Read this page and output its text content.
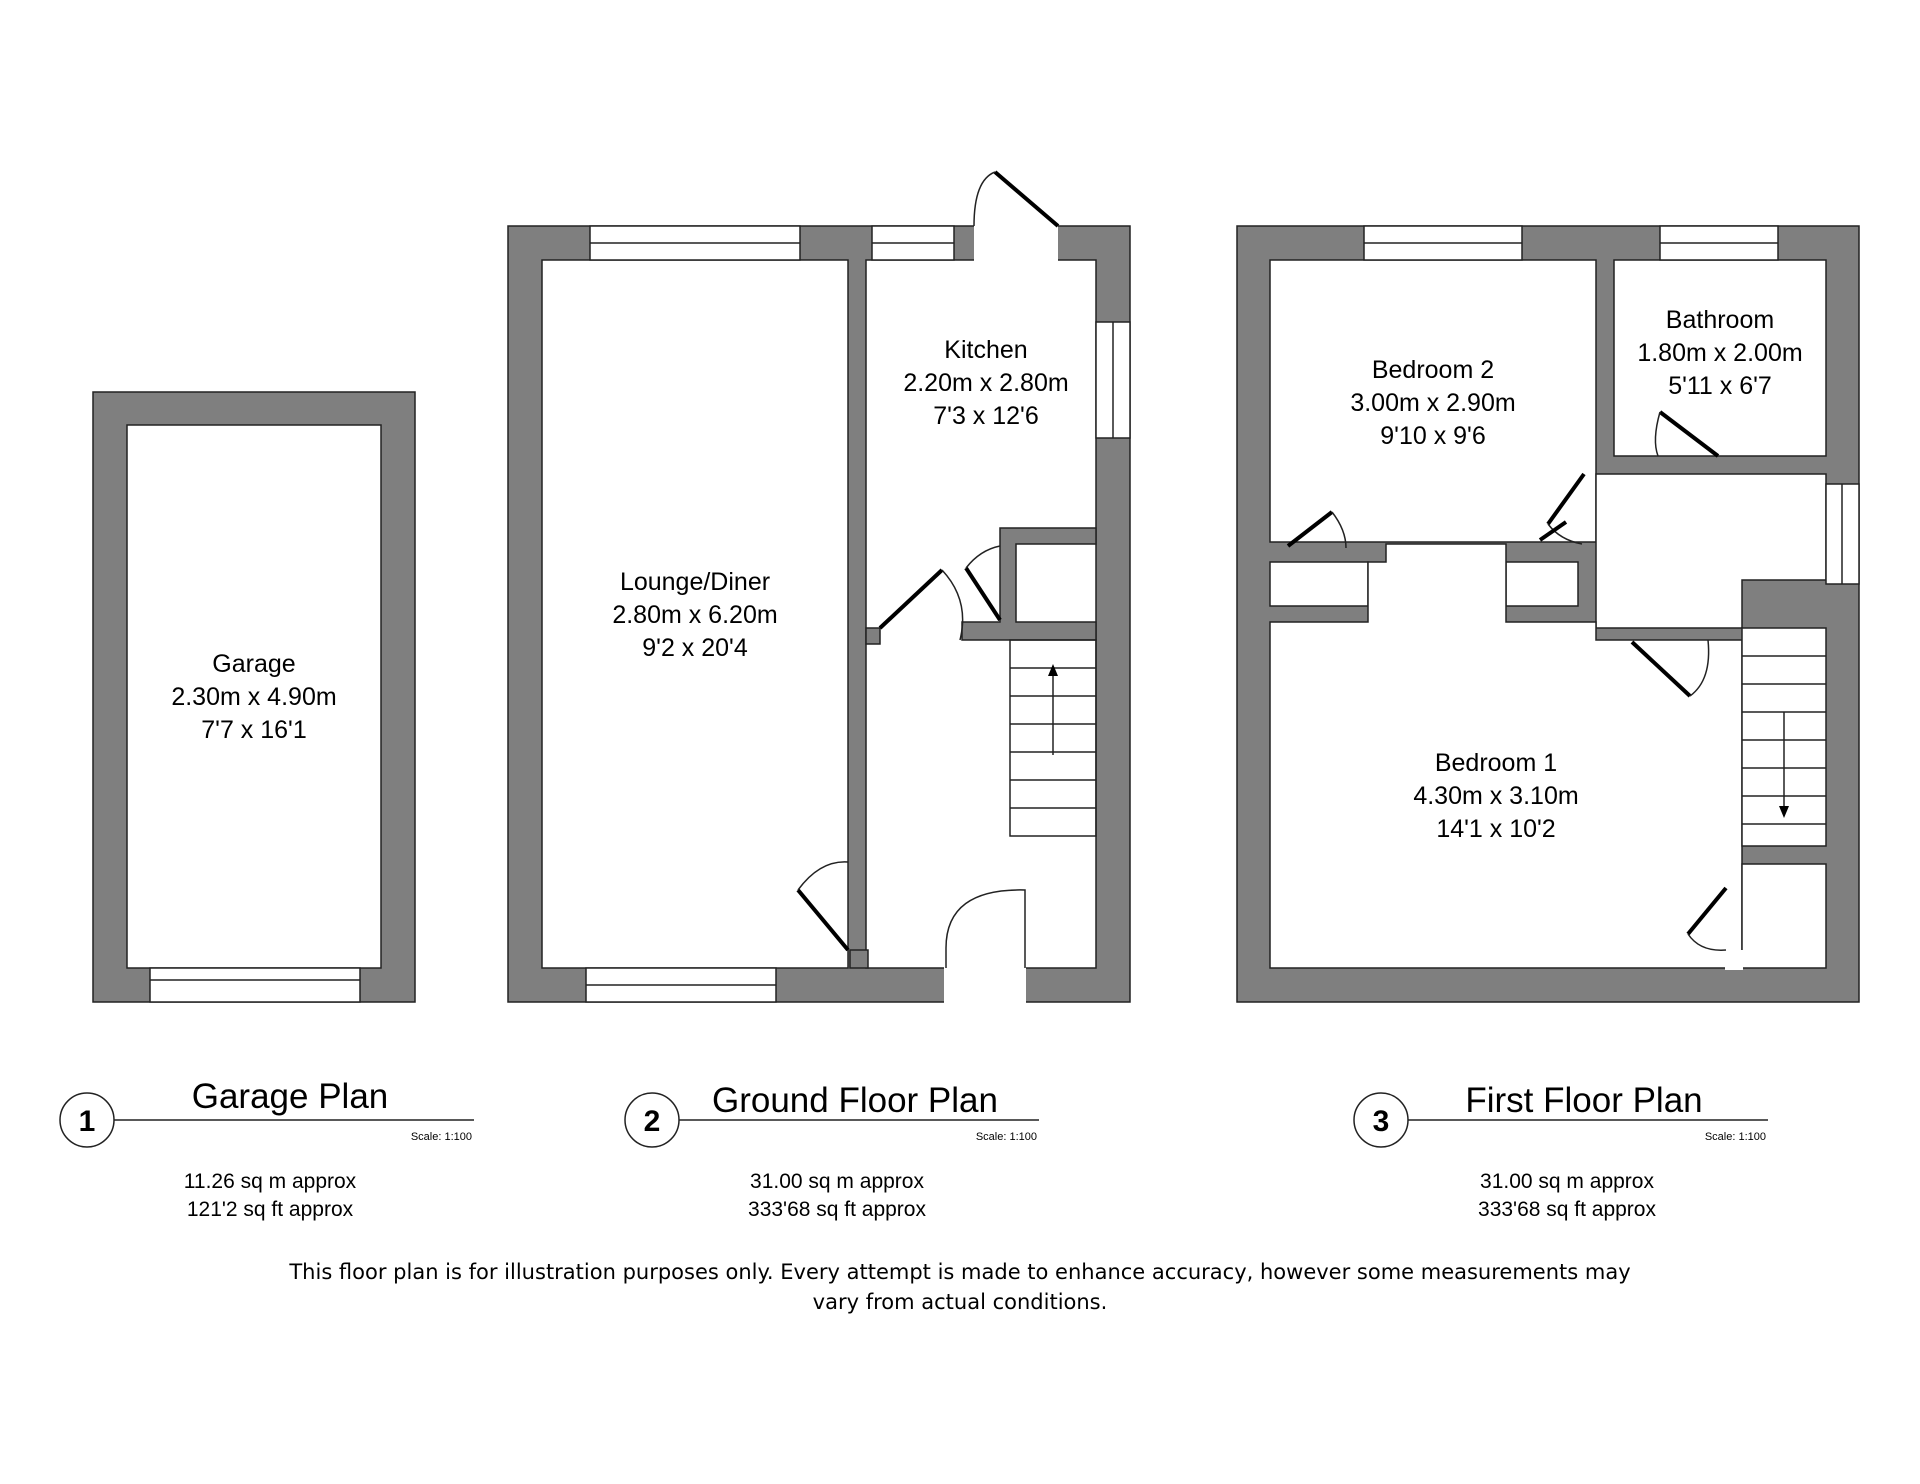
Garage
2.30m x 4.90m
7'7 x 16'1
Lounge/Diner
2.80m x 6.20m
9'2 x 20'4
Kitchen
2.20m x 2.80m
7'3 x 12'6
Bedroom 2
3.00m x 2.90m
9'10 x 9'6
Bathroom
1.80m x 2.00m
5'11 x 6'7
Bedroom 1
4.30m x 3.10m
14'1 x 10'2
1
Garage Plan
Scale: 1:100
11.26 sq m approx
121'2 sq ft approx
2
Ground Floor Plan
Scale: 1:100
31.00 sq m approx
333'68 sq ft approx
3
First Floor Plan
Scale: 1:100
31.00 sq m approx
333'68 sq ft approx
This floor plan is for illustration purposes only. Every attempt is made to enhance accuracy, however some measurements may vary from actual conditions.
